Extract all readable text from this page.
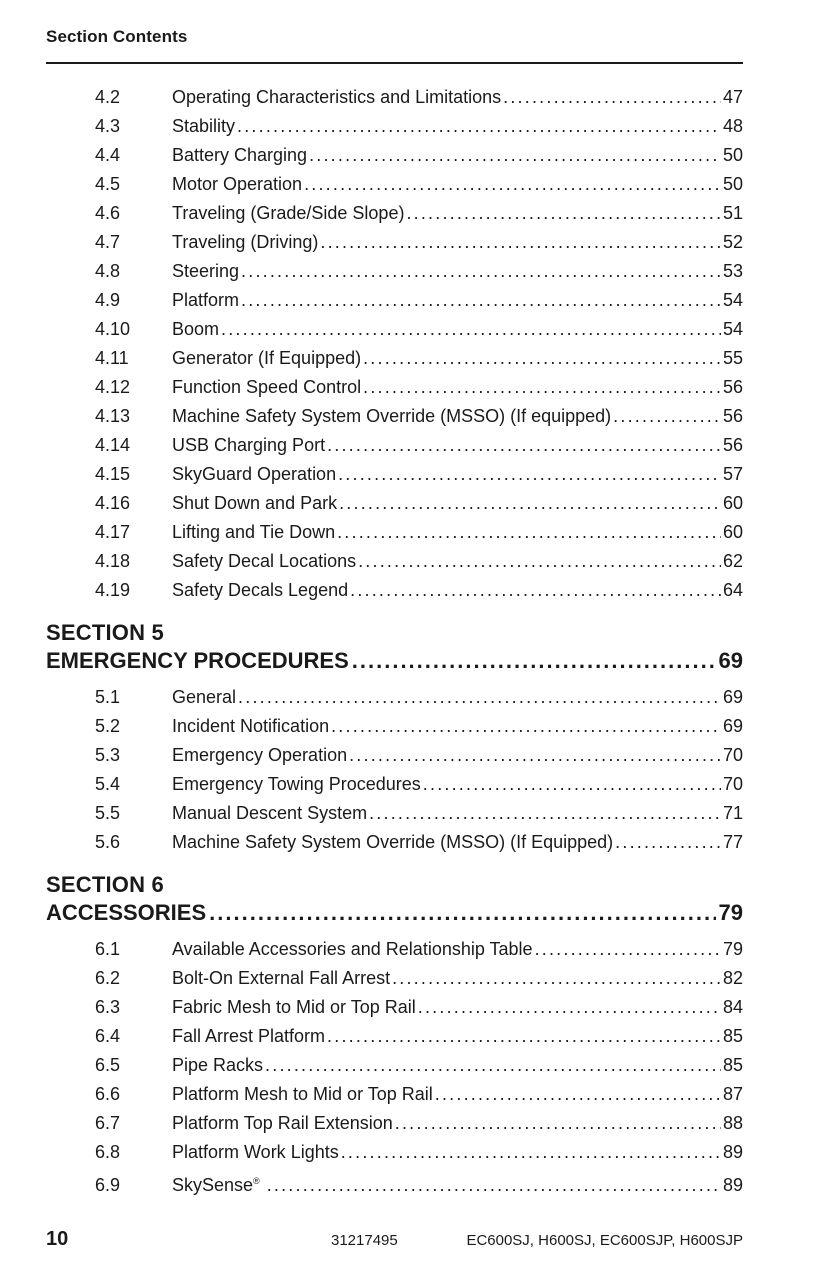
Section Contents
4.2	Operating Characteristics and Limitations .....	47
4.3	Stability .....	48
4.4	Battery Charging .....	50
4.5	Motor Operation .....	50
4.6	Traveling (Grade/Side Slope) .....	51
4.7	Traveling (Driving) .....	52
4.8	Steering .....	53
4.9	Platform .....	54
4.10	Boom .....	54
4.11	Generator (If Equipped) .....	55
4.12	Function Speed Control .....	56
4.13	Machine Safety System Override (MSSO) (If equipped) .....	56
4.14	USB Charging Port .....	56
4.15	SkyGuard Operation .....	57
4.16	Shut Down and Park .....	60
4.17	Lifting and Tie Down .....	60
4.18	Safety Decal Locations .....	62
4.19	Safety Decals Legend .....	64
SECTION 5
EMERGENCY PROCEDURES .....	69
5.1	General .....	69
5.2	Incident Notification .....	69
5.3	Emergency Operation .....	70
5.4	Emergency Towing Procedures .....	70
5.5	Manual Descent System .....	71
5.6	Machine Safety System Override (MSSO) (If Equipped) .....	77
SECTION 6
ACCESSORIES .....	79
6.1	Available Accessories and Relationship Table .....	79
6.2	Bolt-On External Fall Arrest .....	82
6.3	Fabric Mesh to Mid or Top Rail .....	84
6.4	Fall Arrest Platform .....	85
6.5	Pipe Racks .....	85
6.6	Platform Mesh to Mid or Top Rail .....	87
6.7	Platform Top Rail Extension .....	88
6.8	Platform Work Lights .....	89
6.9	SkySense® .....	89
10	31217495	EC600SJ, H600SJ, EC600SJP, H600SJP
